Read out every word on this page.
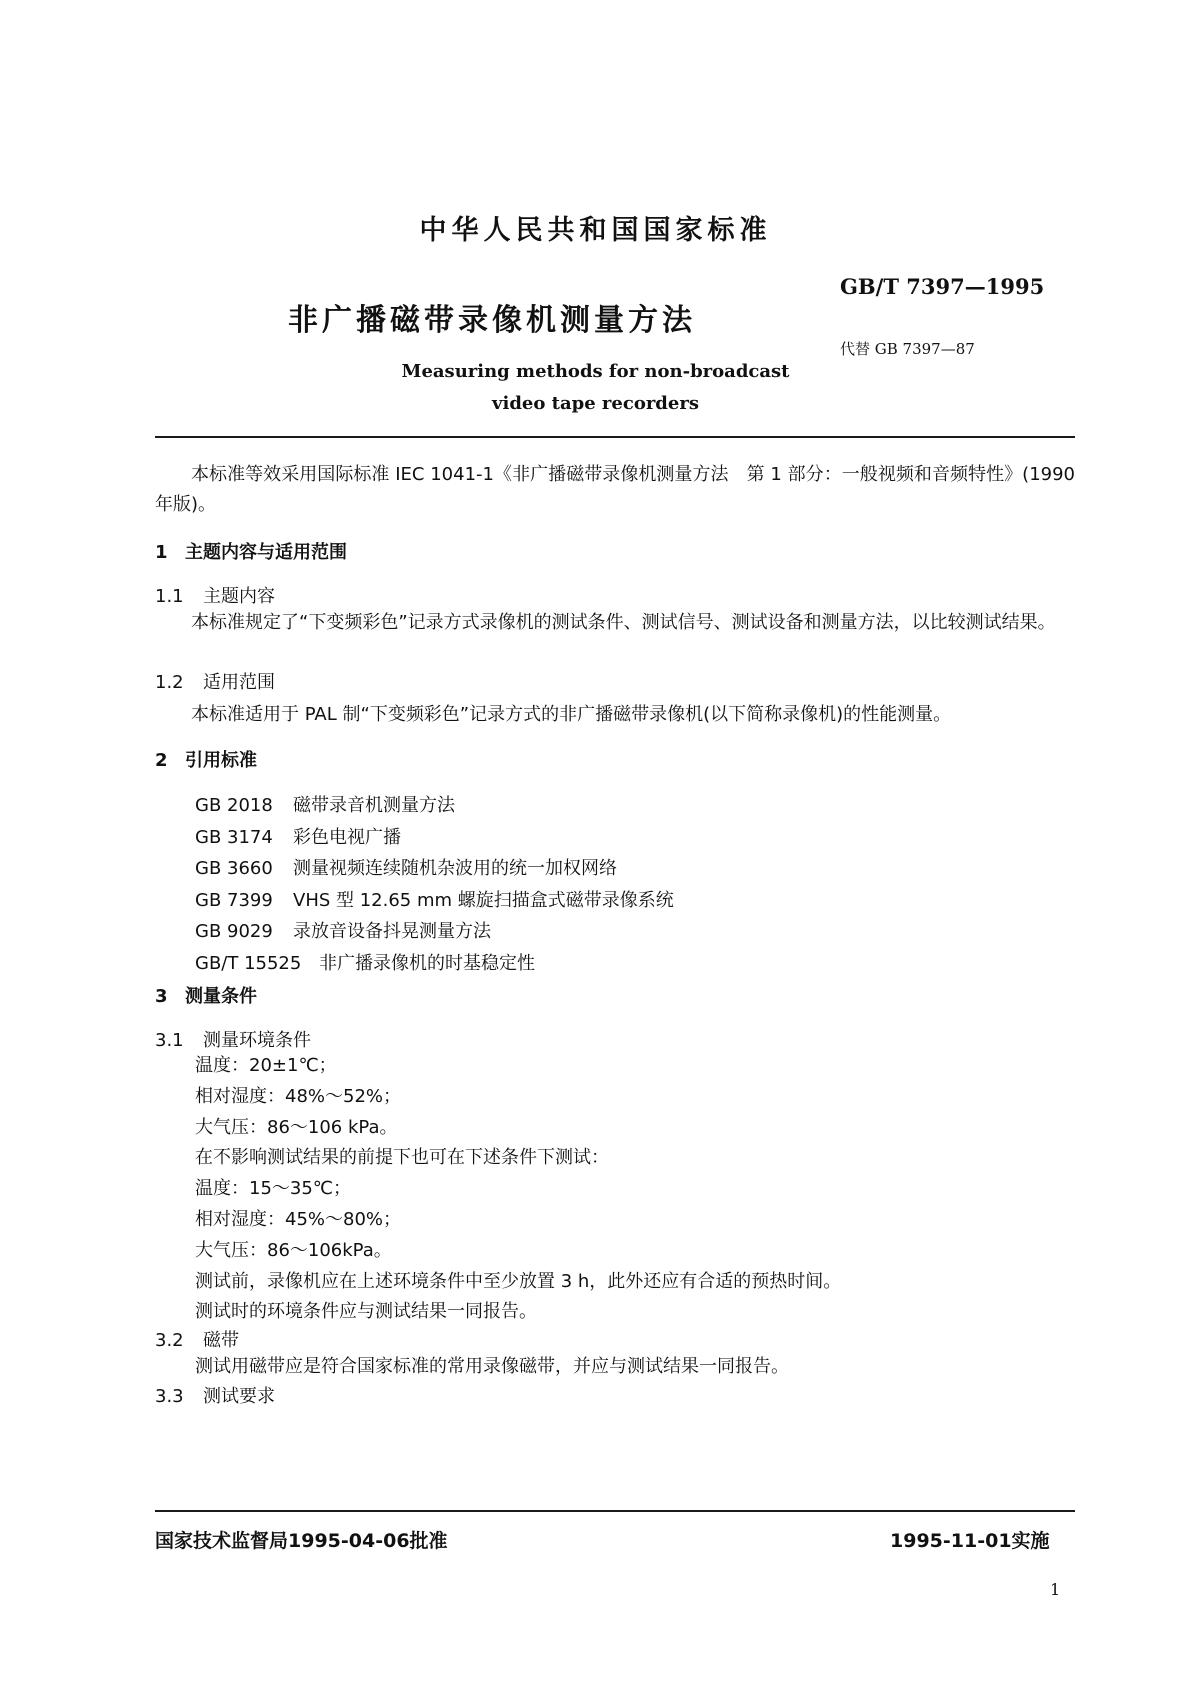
中华人民共和国国家标准
GB/T 7397—1995
非广播磁带录像机测量方法
代替 GB 7397—87
Measuring methods for non-broadcast
video tape recorders
本标准等效采用国际标准 IEC 1041-1《非广播磁带录像机测量方法　第 1 部分：一般视频和音频特性》(1990 年版)。
1 主题内容与适用范围
1.1 主题内容
本标准规定了“下变频彩色”记录方式录像机的测试条件、测试信号、测试设备和测量方法，以比较测试结果。
1.2 适用范围
本标准适用于 PAL 制“下变频彩色”记录方式的非广播磁带录像机(以下简称录像机)的性能测量。
2 引用标准
GB 2018 磁带录音机测量方法
GB 3174 彩色电视广播
GB 3660 测量视频连续随机杂波用的统一加权网络
GB 7399 VHS 型 12.65 mm 螺旋扫描盒式磁带录像系统
GB 9029 录放音设备抖晃测量方法
GB/T 15525 非广播录像机的时基稳定性
3 测量条件
3.1 测量环境条件
温度：20±1℃；
相对湿度：48%～52%；
大气压：86～106 kPa。
在不影响测试结果的前提下也可在下述条件下测试：
温度：15～35℃；
相对湿度：45%～80%；
大气压：86～106kPa。
测试前，录像机应在上述环境条件中至少放置 3 h，此外还应有合适的预热时间。
测试时的环境条件应与测试结果一同报告。
3.2 磁带
测试用磁带应是符合国家标准的常用录像磁带，并应与测试结果一同报告。
3.3 测试要求
国家技术监督局1995-04-06批准	1995-11-01实施
1
